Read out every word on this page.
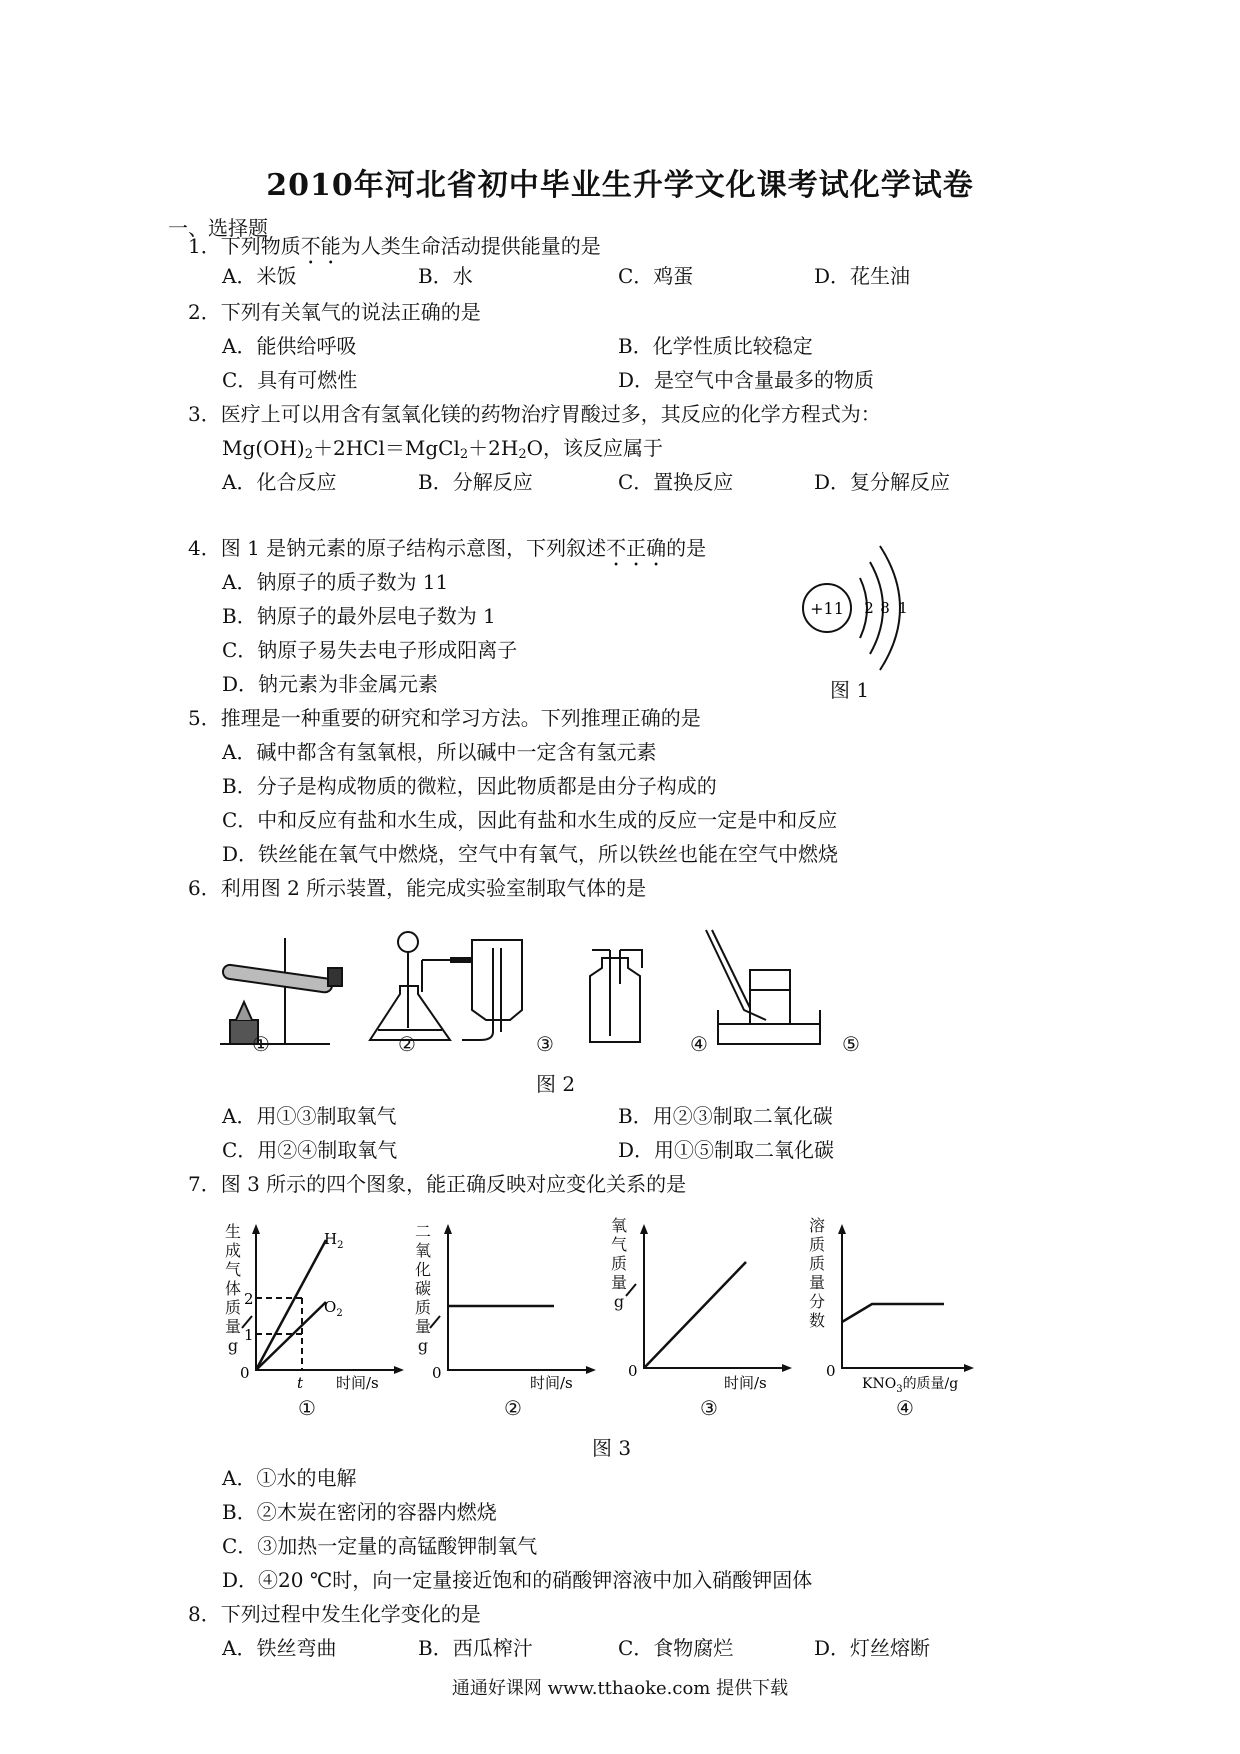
2010年河北省初中毕业生升学文化课考试化学试卷
一、选择题
1．下列物质不能为人类生命活动提供能量的是
A．米饭	B．水	C．鸡蛋	D．花生油
2．下列有关氧气的说法正确的是
A．能供给呼吸	B．化学性质比较稳定
C．具有可燃性	D．是空气中含量最多的物质
3．医疗上可以用含有氢氧化镁的药物治疗胃酸过多，其反应的化学方程式为：
$Mg(OH)_2+2HCl=MgCl_2+2H_2O$，该反应属于
A．化合反应	B．分解反应	C．置换反应	D．复分解反应
4．图 1 是钠元素的原子结构示意图，下列叙述不正确的是
A．钠原子的质子数为 11
B．钠原子的最外层电子数为 1
C．钠原子易失去电子形成阳离子
D．钠元素为非金属元素
+11 2 8 1
图 1
5．推理是一种重要的研究和学习方法。下列推理正确的是
A．碱中都含有氢氧根，所以碱中一定含有氢元素
B．分子是构成物质的微粒，因此物质都是由分子构成的
C．中和反应有盐和水生成，因此有盐和水生成的反应一定是中和反应
D．铁丝能在氧气中燃烧，空气中有氧气，所以铁丝也能在空气中燃烧
6．利用图 2 所示装置，能完成实验室制取气体的是
①	②	③	④	⑤
图 2
A．用①③制取氧气	B．用②③制取二氧化碳
C．用②④制取氧气	D．用①⑤制取二氧化碳
7．图 3 所示的四个图象，能正确反映对应变化关系的是
生
成
气
体
质
量
g
2
1
0
t 时间/s
$H_2$
$O_2$
①
二
氧
化
碳
质
量
g
0
时间/s
②
氧
气
质
量
g
0
时间/s
③
溶
质
质
量
分
数
0
$KNO_3$的质量/g
④
图 3
A．①水的电解
B．②木炭在密闭的容器内燃烧
C．③加热一定量的高锰酸钾制氧气
D．④20 ℃时，向一定量接近饱和的硝酸钾溶液中加入硝酸钾固体
8．下列过程中发生化学变化的是
A．铁丝弯曲	B．西瓜榨汁	C．食物腐烂	D．灯丝熔断
通通好课网 www.tthaoke.com 提供下载
